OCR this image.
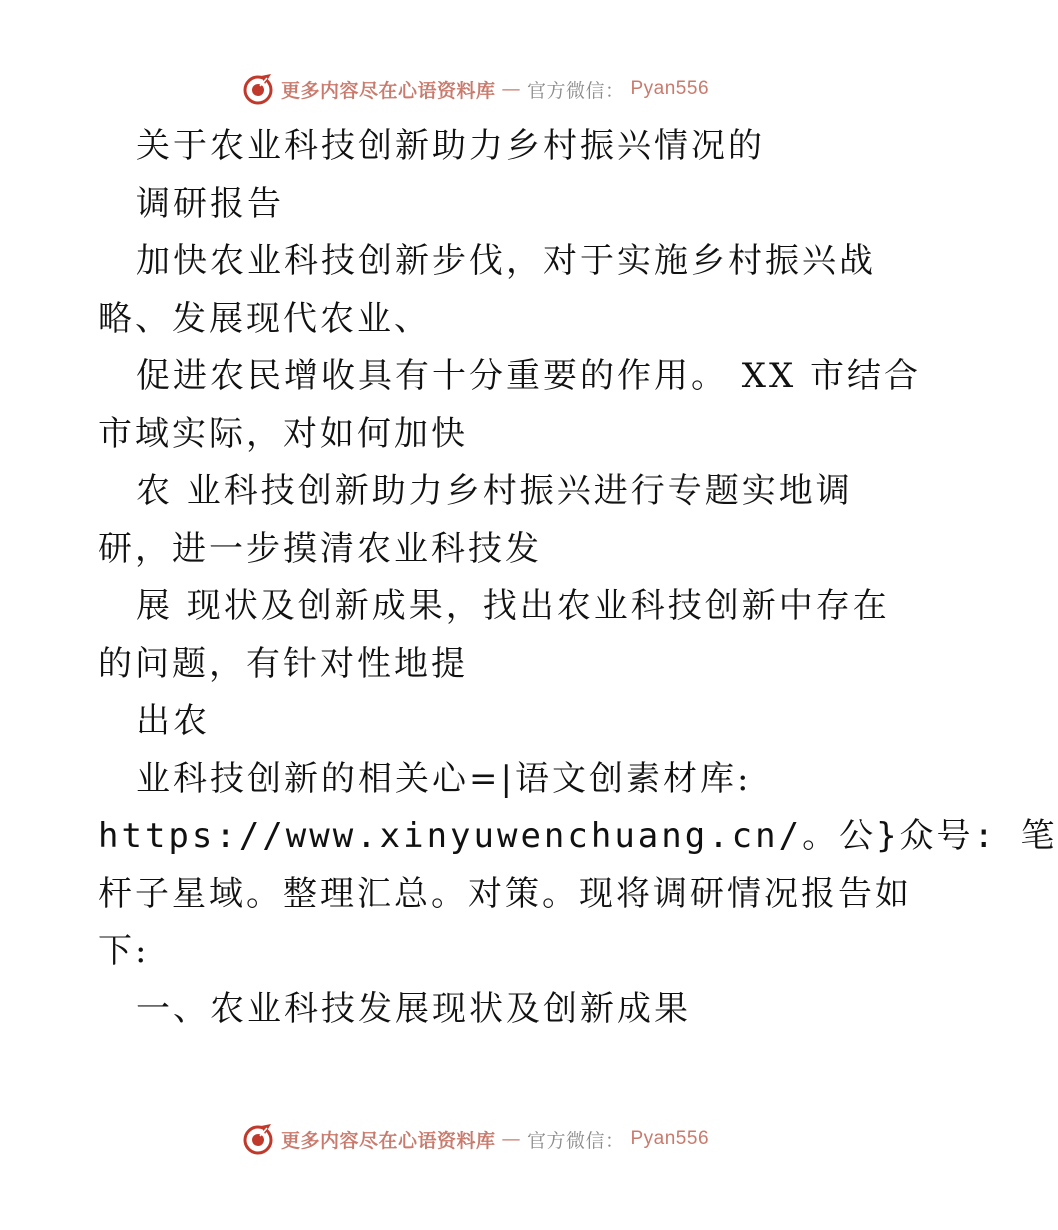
更多内容尽在心语资料库 — 官方微信： Pyan556
关于农业科技创新助力乡村振兴情况的
调研报告
加快农业科技创新步伐，对于实施乡村振兴战
略、发展现代农业、
促进农民增收具有十分重要的作用。 XX 市结合
市域实际，对如何加快
农 业科技创新助力乡村振兴进行专题实地调
研，进一步摸清农业科技发
展 现状及创新成果，找出农业科技创新中存在
的问题，有针对性地提
出农
业科技创新的相关心=|语文创素材库:
https://www.xinyuwenchuang.cn/。公}众号: 笔
杆子星域。整理汇总。对策。现将调研情况报告如
下:
一、农业科技发展现状及创新成果
更多内容尽在心语资料库 — 官方微信： Pyan556
